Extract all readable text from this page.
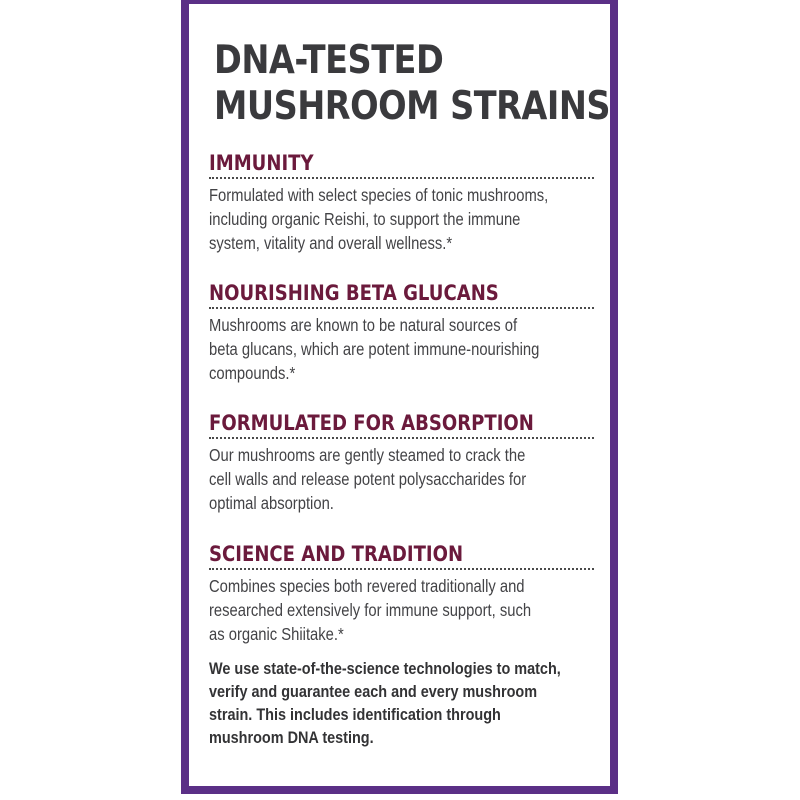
DNA-TESTED
MUSHROOM STRAINS
IMMUNITY

Formulated with select species of tonic mushrooms,
including organic Reishi, to support the immune
system, vitality and overall wellness.*

NOURISHING BETA GLUCANS

Mushrooms are known to be natural sources of
beta glucans, which are potent immune-nourishing
compounds.*

FORMULATED FOR ABSORPTION

Our mushrooms are gently steamed to crack the
cell walls and release potent polysaccharides for
optimal absorption.

SCIENCE AND TRADITION

Combines species both revered traditionally and
researched extensively for immune support, such
as organic Shiitake.*

We use state-of-the-science technologies to match,
verify and guarantee each and every mushroom
strain. This includes identification through
mushroom DNA testing.
